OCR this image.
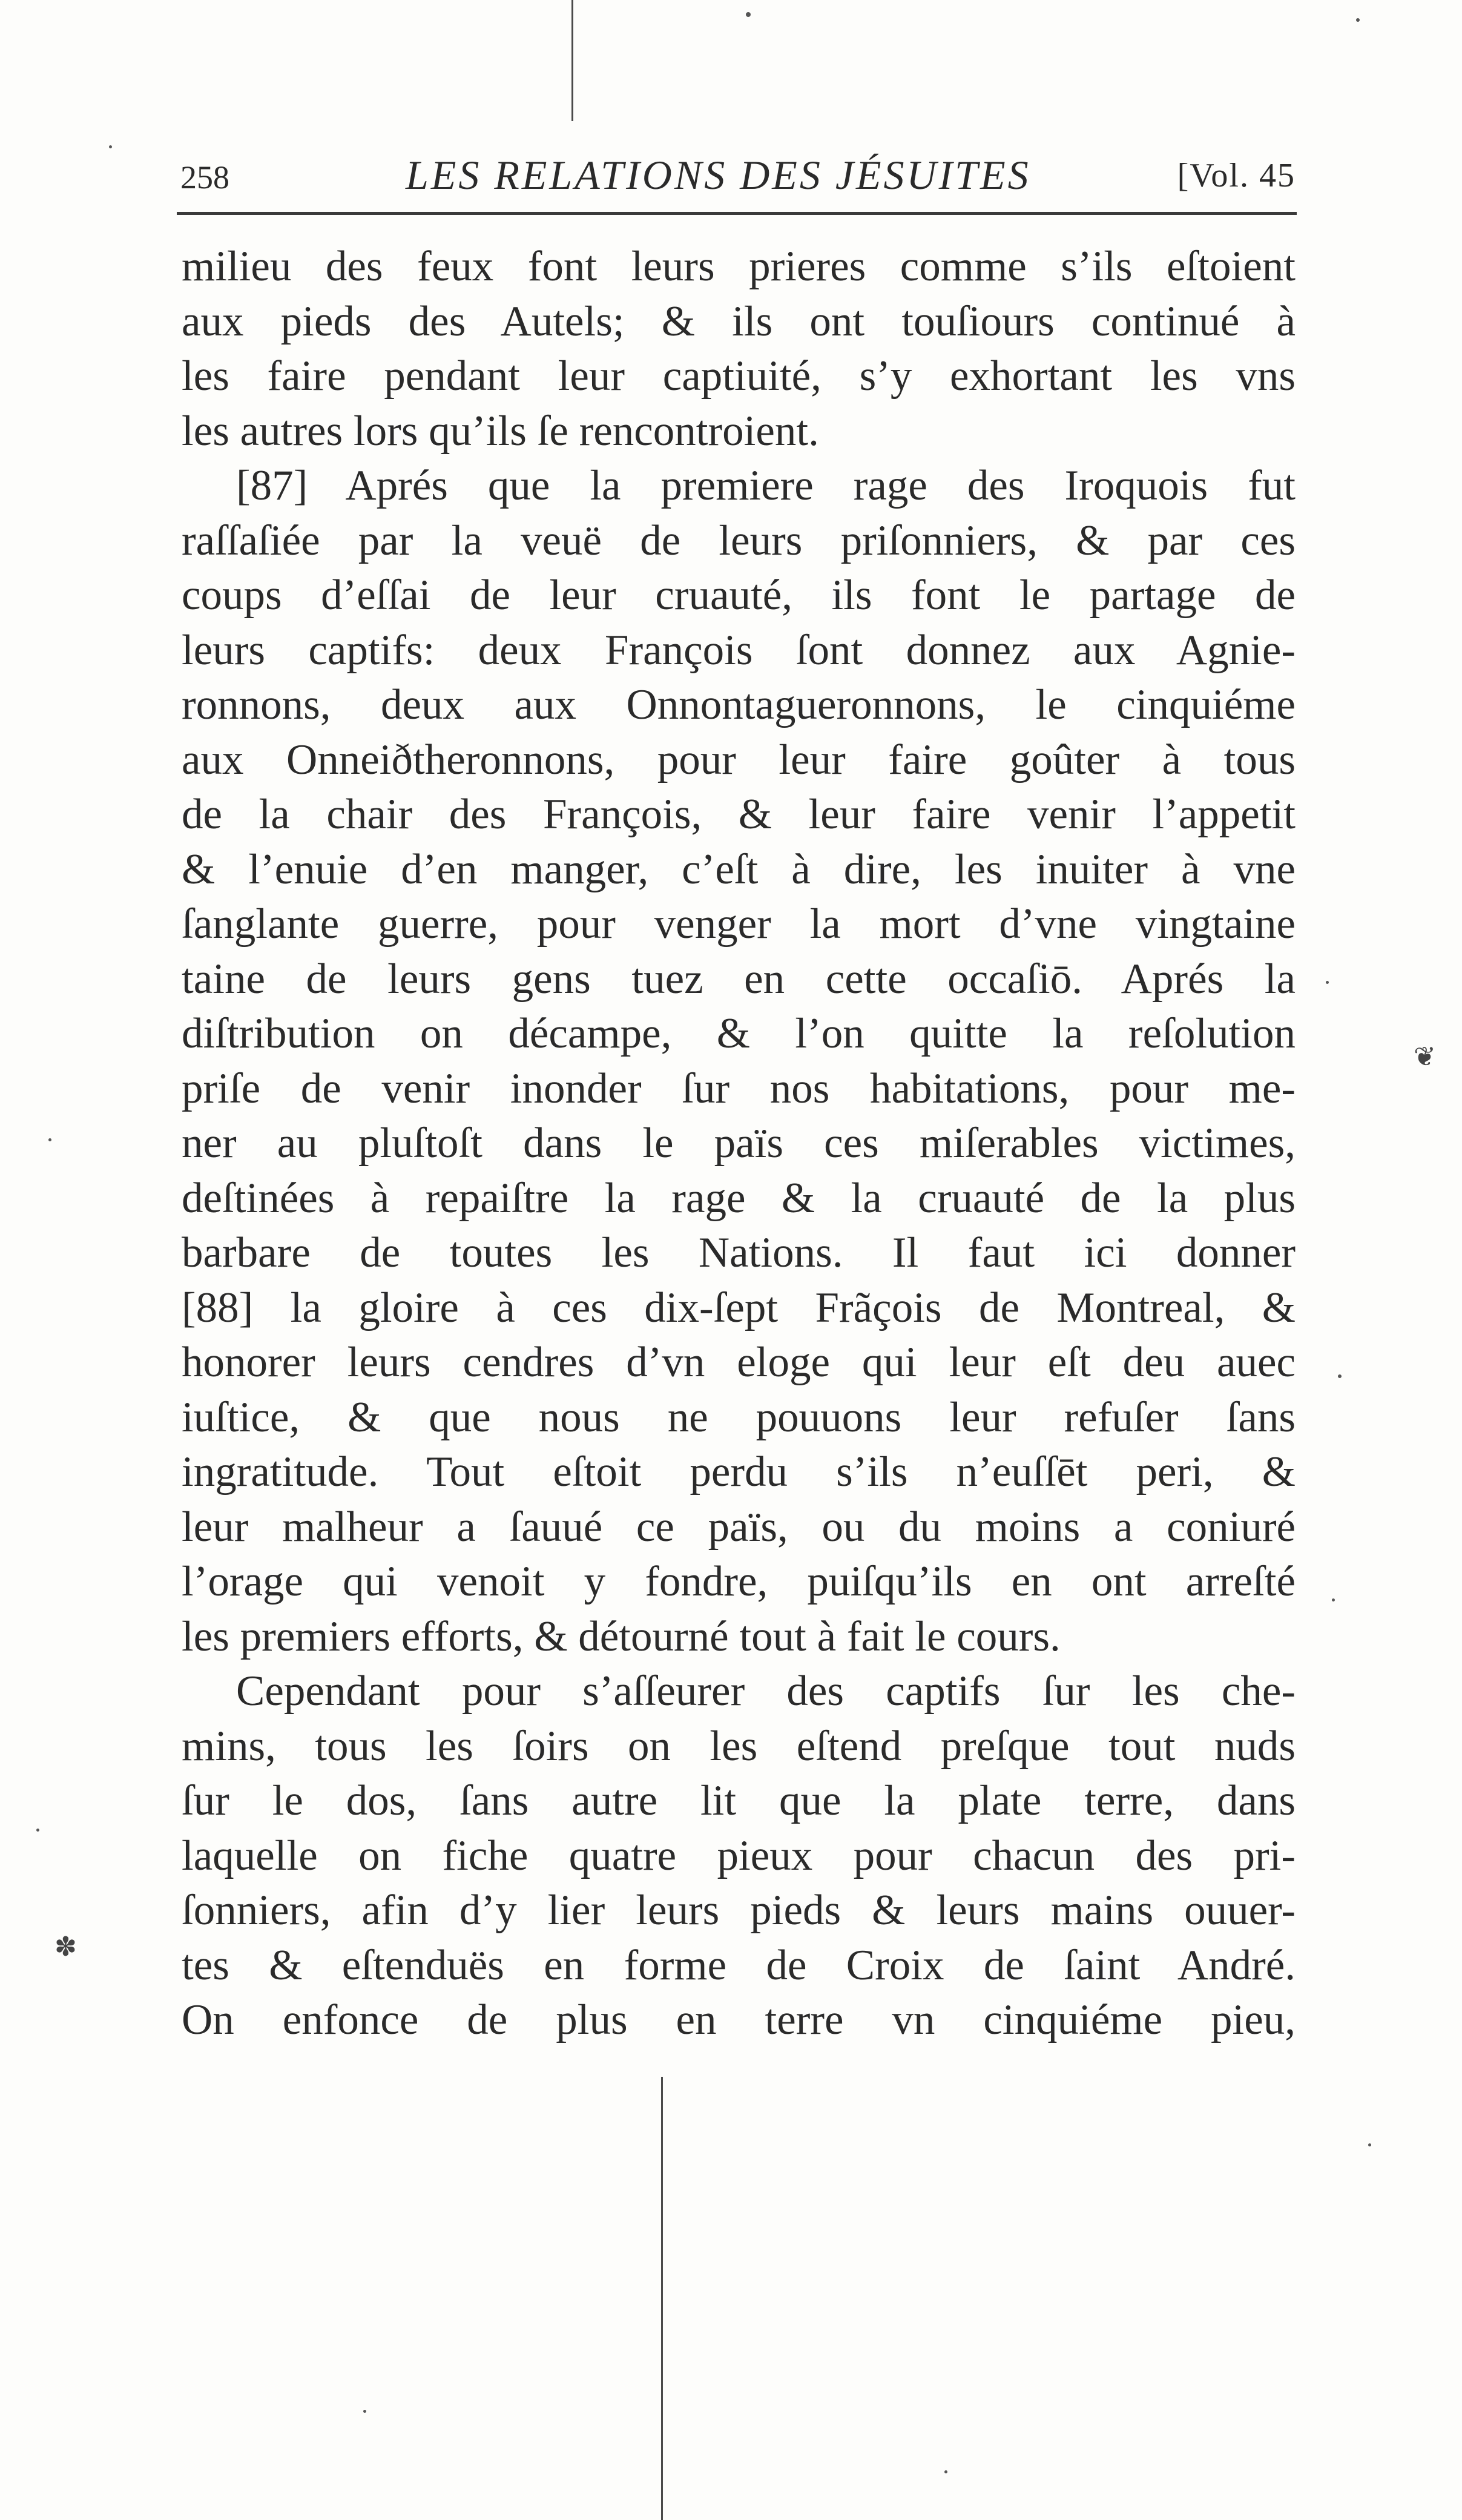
258	LES RELATIONS DES JÉSUITES	[Vol. 45
milieu des feux font leurs prieres comme s’ils eſtoient
aux pieds des Autels; & ils ont touſiours continué à
les faire pendant leur captiuité, s’y exhortant les vns
les autres lors qu’ils ſe rencontroient.
[87] Aprés que la premiere rage des Iroquois fut
raſſaſiée par la veuë de leurs priſonniers, & par ces
coups d’eſſai de leur cruauté, ils font le partage de
leurs captifs: deux François ſont donnez aux Agnie-
ronnons, deux aux Onnontagueronnons, le cinquiéme
aux Onneiðtheronnons, pour leur faire goûter à tous
de la chair des François, & leur faire venir l’appetit
& l’enuie d’en manger, c’eſt à dire, les inuiter à vne
ſanglante guerre, pour venger la mort d’vne vingtaine
taine de leurs gens tuez en cette occaſiō. Aprés la
diſtribution on décampe, & l’on quitte la reſolution
priſe de venir inonder ſur nos habitations, pour me-
ner au pluſtoſt dans le païs ces miſerables victimes,
deſtinées à repaiſtre la rage & la cruauté de la plus
barbare de toutes les Nations. Il faut ici donner
[88] la gloire à ces dix-ſept Frãçois de Montreal, &
honorer leurs cendres d’vn eloge qui leur eſt deu auec
iuſtice, & que nous ne pouuons leur refuſer ſans
ingratitude. Tout eſtoit perdu s’ils n’euſſēt peri, &
leur malheur a ſauué ce païs, ou du moins a coniuré
l’orage qui venoit y fondre, puiſqu’ils en ont arreſté
les premiers efforts, & détourné tout à fait le cours.
Cependant pour s’aſſeurer des captifs ſur les che-
mins, tous les ſoirs on les eſtend preſque tout nuds
ſur le dos, ſans autre lit que la plate terre, dans
laquelle on fiche quatre pieux pour chacun des pri-
ſonniers, afin d’y lier leurs pieds & leurs mains ouuer-
tes & eſtenduës en forme de Croix de ſaint André.
On enfonce de plus en terre vn cinquiéme pieu,
❦
✽
